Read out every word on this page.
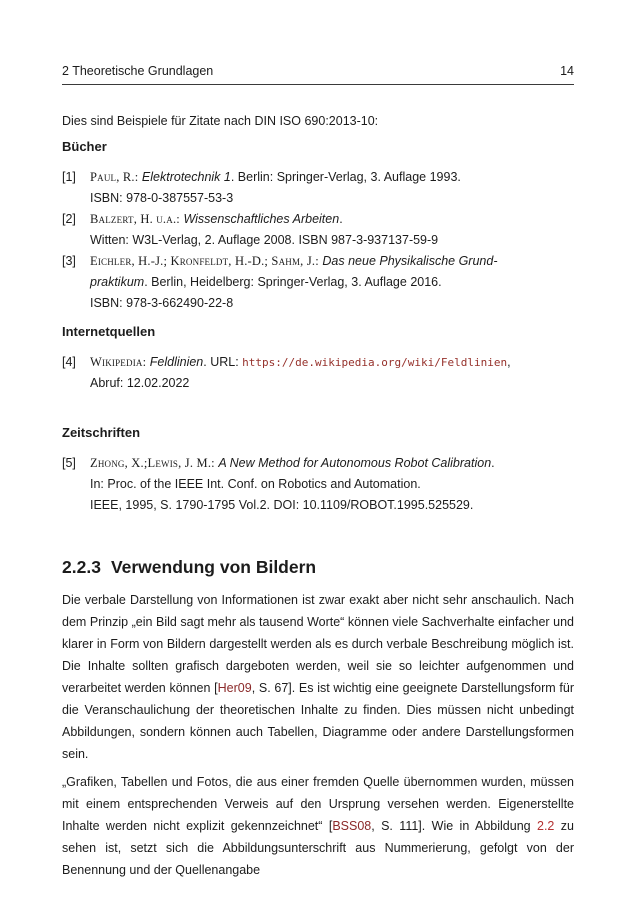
2 Theoretische Grundlagen	14
Dies sind Beispiele für Zitate nach DIN ISO 690:2013-10:
Bücher
[1]	Paul, R.: Elektrotechnik 1. Berlin: Springer-Verlag, 3. Auflage 1993.
ISBN: 978-0-387557-53-3
[2]	Balzert, H. u.a.: Wissenschaftliches Arbeiten.
Witten: W3L-Verlag, 2. Auflage 2008. ISBN 987-3-937137-59-9
[3]	Eichler, H.-J.; Kronfeldt, H.-D.; Sahm, J.: Das neue Physikalische Grund-
praktikum. Berlin, Heidelberg: Springer-Verlag, 3. Auflage 2016.
ISBN: 978-3-662490-22-8
Internetquellen
[4]	Wikipedia: Feldlinien. URL: https://de.wikipedia.org/wiki/Feldlinien,
Abruf: 12.02.2022
Zeitschriften
[5]	Zhong, X.;Lewis, J. M.: A New Method for Autonomous Robot Calibration.
In: Proc. of the IEEE Int. Conf. on Robotics and Automation.
IEEE, 1995, S. 1790-1795 Vol.2. DOI: 10.1109/ROBOT.1995.525529.
2.2.3 Verwendung von Bildern
Die verbale Darstellung von Informationen ist zwar exakt aber nicht sehr anschaulich. Nach dem Prinzip „ein Bild sagt mehr als tausend Worte“ können viele Sachverhalte einfacher und klarer in Form von Bildern dargestellt werden als es durch verbale Beschreibung möglich ist. Die Inhalte sollten grafisch dargeboten werden, weil sie so leichter aufgenommen und verarbeitet werden können [Her09, S. 67]. Es ist wichtig eine geeignete Darstellungsform für die Veranschaulichung der theoretischen Inhalte zu finden. Dies müssen nicht unbedingt Abbildungen, sondern können auch Tabellen, Diagramme oder andere Darstellungsformen sein.
„Grafiken, Tabellen und Fotos, die aus einer fremden Quelle übernommen wurden, müssen mit einem entsprechenden Verweis auf den Ursprung versehen werden. Eigenerstellte Inhalte werden nicht explizit gekennzeichnet“ [BSS08, S. 111]. Wie in Abbildung 2.2 zu sehen ist, setzt sich die Abbildungsunterschrift aus Nummerierung, gefolgt von der Benennung und der Quellenangabe
